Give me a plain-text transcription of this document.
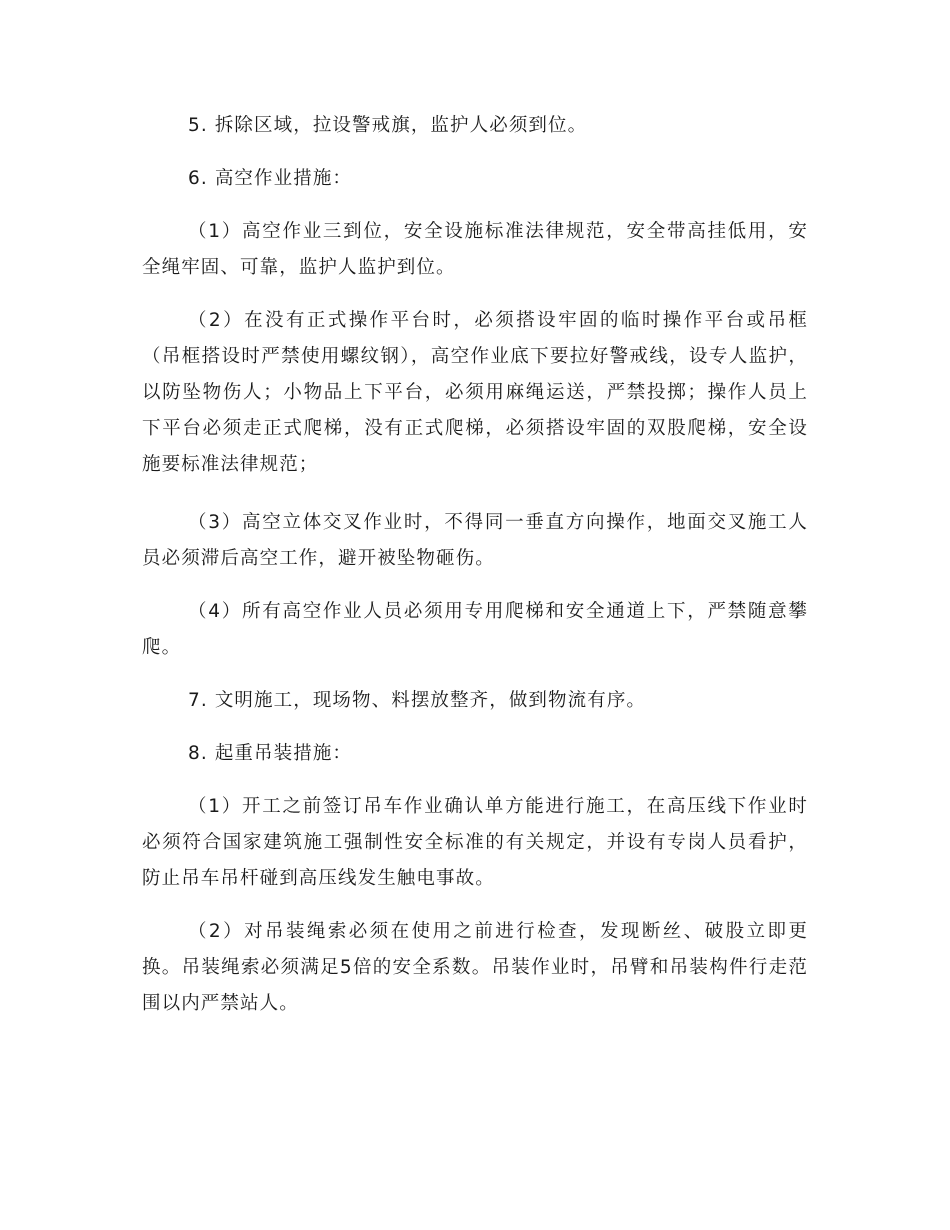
5. 拆除区域，拉设警戒旗，监护人必须到位。

6. 高空作业措施：

（1）高空作业三到位，安全设施标准法律规范，安全带高挂低用，安全绳牢固、可靠，监护人监护到位。

（2）在没有正式操作平台时，必须搭设牢固的临时操作平台或吊框（吊框搭设时严禁使用螺纹钢），高空作业底下要拉好警戒线，设专人监护，以防坠物伤人；小物品上下平台，必须用麻绳运送，严禁投掷；操作人员上下平台必须走正式爬梯，没有正式爬梯，必须搭设牢固的双股爬梯，安全设施要标准法律规范；

（3）高空立体交叉作业时，不得同一垂直方向操作，地面交叉施工人员必须滞后高空工作，避开被坠物砸伤。

（4）所有高空作业人员必须用专用爬梯和安全通道上下，严禁随意攀爬。

7. 文明施工，现场物、料摆放整齐，做到物流有序。

8. 起重吊装措施：

（1）开工之前签订吊车作业确认单方能进行施工，在高压线下作业时必须符合国家建筑施工强制性安全标准的有关规定，并设有专岗人员看护，防止吊车吊杆碰到高压线发生触电事故。

（2）对吊装绳索必须在使用之前进行检查，发现断丝、破股立即更换。吊装绳索必须满足5倍的安全系数。吊装作业时，吊臂和吊装构件行走范围以内严禁站人。
